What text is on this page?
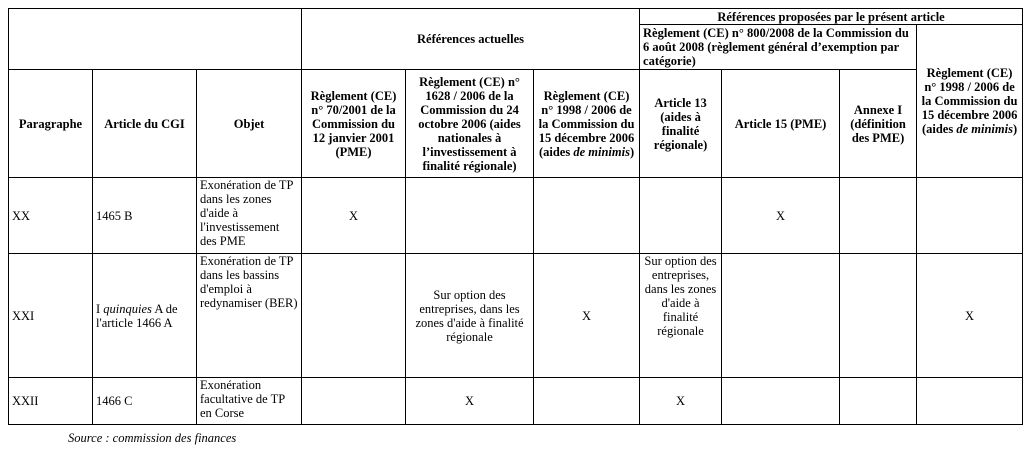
			Références actuelles			Références proposées par le présent article			
						Règlement (CE) n° 800/2008 de la Commission du 6 août 2008 (règlement général d’exemption par catégorie)			Règlement (CE) n° 1998 / 2006 de la Commission du 15 décembre 2006 (aides de minimis)
Paragraphe	Article du CGI	Objet	Règlement (CE) n° 70/2001 de la Commission du 12 janvier 2001 (PME)	Règlement (CE) n° 1628 / 2006 de la Commission du 24 octobre 2006 (aides nationales à l’investissement à finalité régionale)	Règlement (CE) n° 1998 / 2006 de la Commission du 15 décembre 2006 (aides de minimis)	Article 13 (aides à finalité régionale)	Article 15 (PME)	Annexe I (définition des PME)	
XX	1465 B	Exonération de TP dans les zones d'aide à l'investissement des PME	X				X		
XXI	I quinquies A de l'article 1466 A	Exonération de TP dans les bassins d'emploi à redynamiser (BER)		Sur option des entreprises, dans les zones d'aide à finalité régionale	X	Sur option des entreprises, dans les zones d'aide à finalité régionale			X
XXII	1466 C	Exonération facultative de TP en Corse		X		X			
Source : commission des finances
